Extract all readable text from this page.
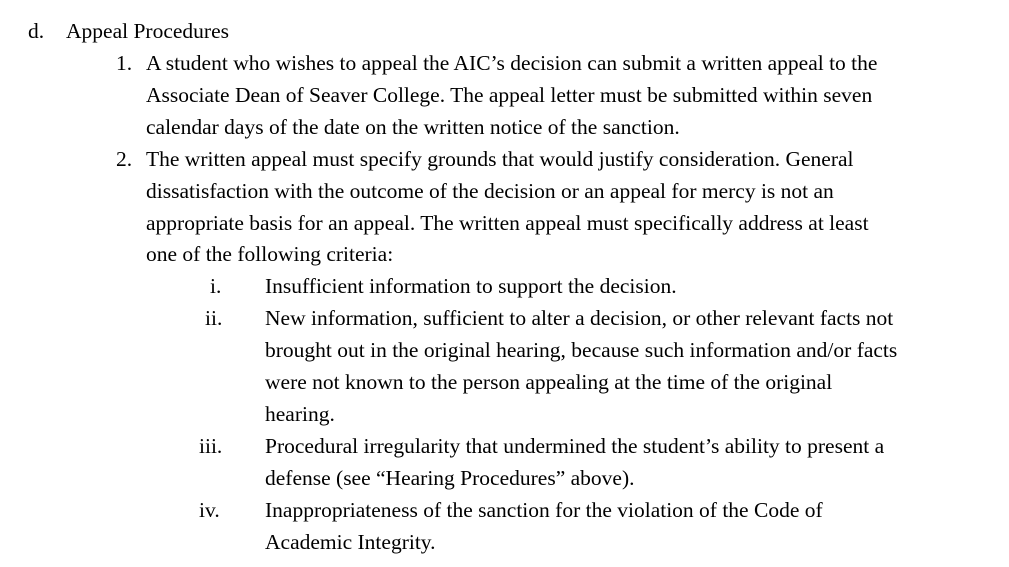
d. Appeal Procedures
1. A student who wishes to appeal the AIC’s decision can submit a written appeal to the
Associate Dean of Seaver College. The appeal letter must be submitted within seven
calendar days of the date on the written notice of the sanction.
2. The written appeal must specify grounds that would justify consideration. General
dissatisfaction with the outcome of the decision or an appeal for mercy is not an
appropriate basis for an appeal. The written appeal must specifically address at least
one of the following criteria:
i. Insufficient information to support the decision.
ii. New information, sufficient to alter a decision, or other relevant facts not
brought out in the original hearing, because such information and/or facts
were not known to the person appealing at the time of the original
hearing.
iii. Procedural irregularity that undermined the student’s ability to present a
defense (see “Hearing Procedures” above).
iv. Inappropriateness of the sanction for the violation of the Code of
Academic Integrity.
